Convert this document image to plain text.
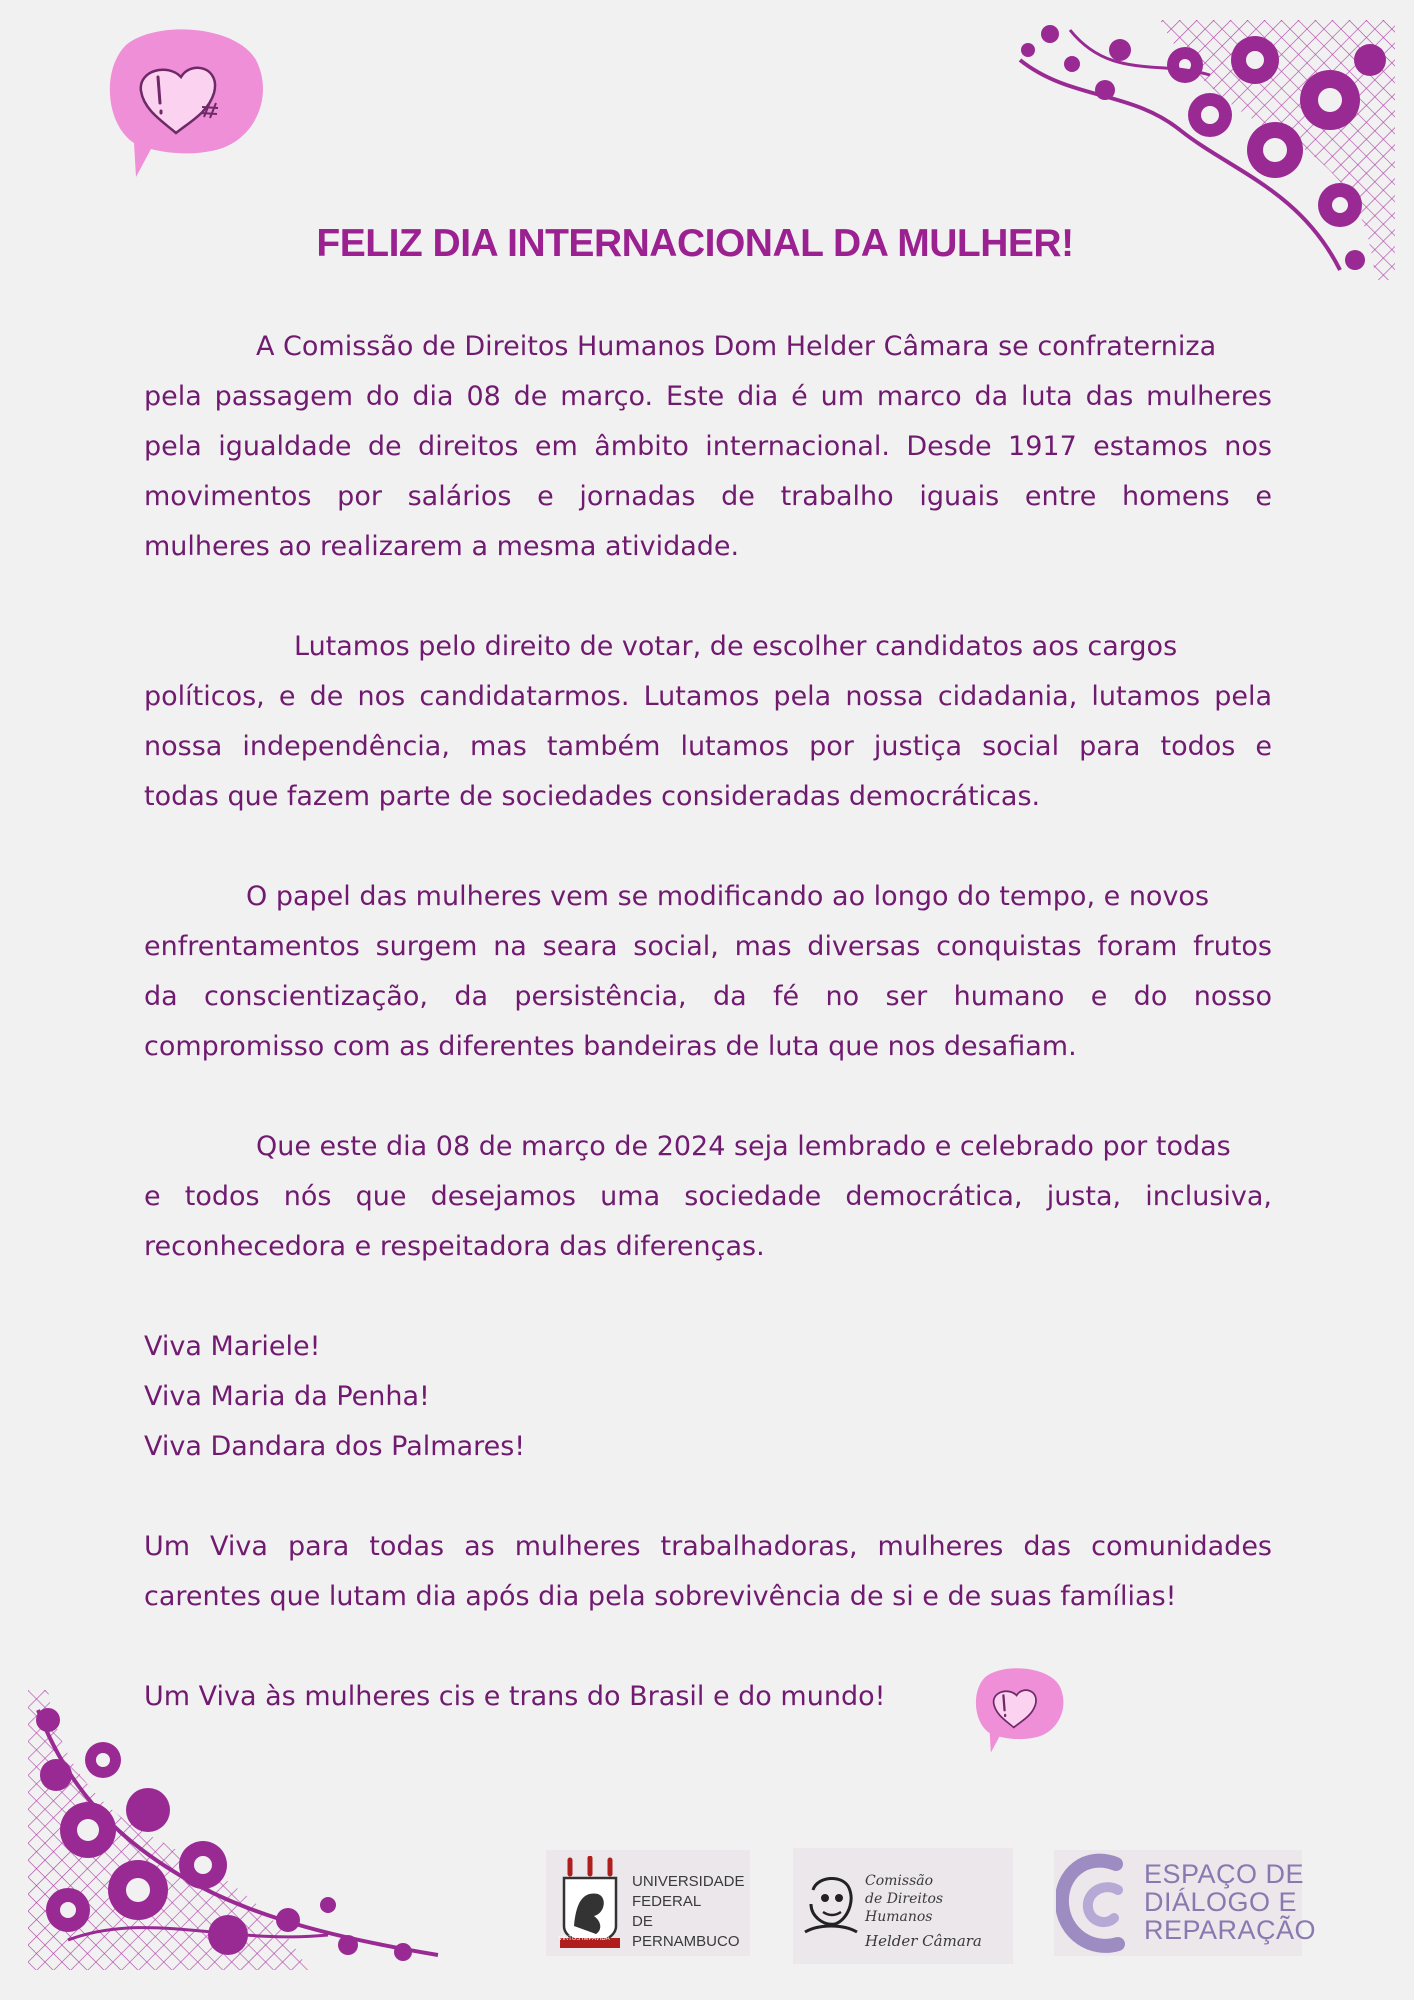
FELIZ DIA INTERNACIONAL DA MULHER!
A Comissão de Direitos Humanos Dom Helder Câmara se confraterniza
pela passagem do dia 08 de março. Este dia é um marco da luta das mulheres
pela igualdade de direitos em âmbito internacional. Desde 1917 estamos nos
movimentos por salários e jornadas de trabalho iguais entre homens e
mulheres ao realizarem a mesma atividade.
Lutamos pelo direito de votar, de escolher candidatos aos cargos
políticos, e de nos candidatarmos. Lutamos pela nossa cidadania, lutamos pela
nossa independência, mas também lutamos por justiça social para todos e
todas que fazem parte de sociedades consideradas democráticas.
O papel das mulheres vem se modificando ao longo do tempo, e novos
enfrentamentos surgem na seara social, mas diversas conquistas foram frutos
da conscientização, da persistência, da fé no ser humano e do nosso
compromisso com as diferentes bandeiras de luta que nos desafiam.
Que este dia 08 de março de 2024 seja lembrado e celebrado por todas
e todos nós que desejamos uma sociedade democrática, justa, inclusiva,
reconhecedora e respeitadora das diferenças.
Viva Mariele!
Viva Maria da Penha!
Viva Dandara dos Palmares!
Um Viva para todas as mulheres trabalhadoras, mulheres das comunidades
carentes que lutam dia após dia pela sobrevivência de si e de suas famílias!
Um Viva às mulheres cis e trans do Brasil e do mundo!
VIRTUS IMPAVIDA
UNIVERSIDADE
FEDERAL
DE PERNAMBUCO
Comissão
de Direitos Humanos
Helder Câmara
ESPAÇO DE
DIÁLOGO E
REPARAÇÃO
